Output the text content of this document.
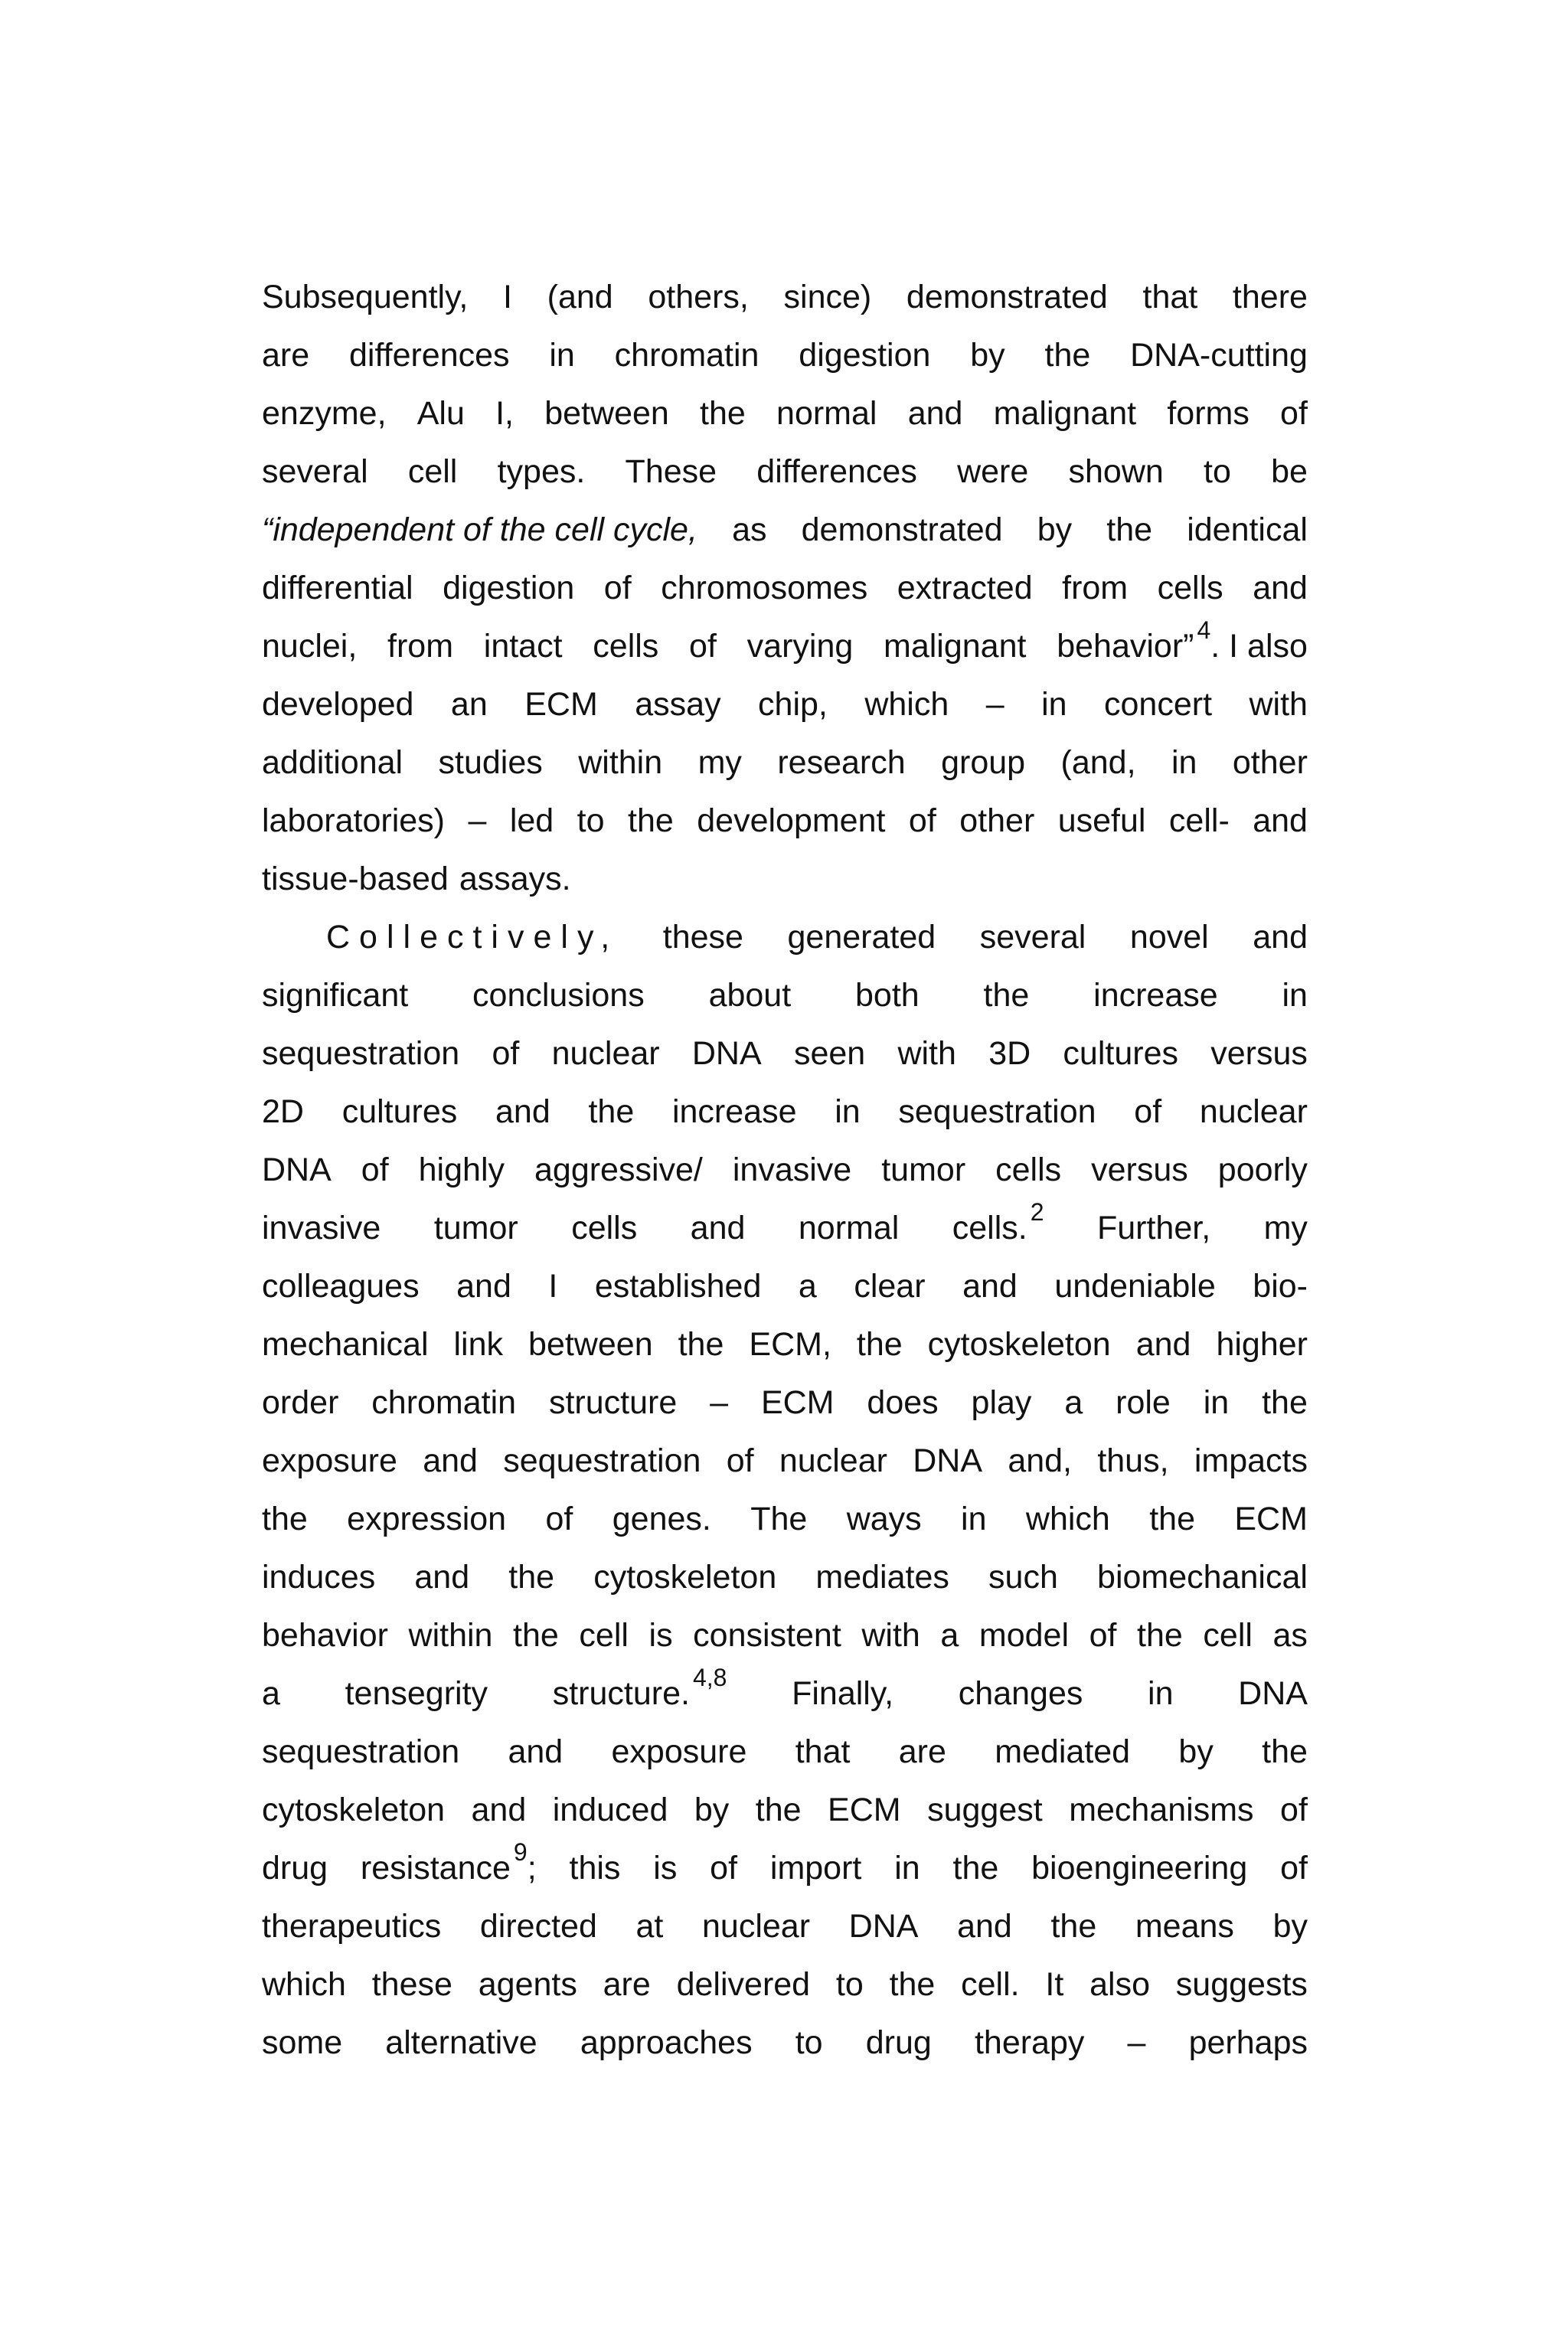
Subsequently, I (and others, since) demonstrated that there
are differences in chromatin digestion by the DNA-cutting
enzyme, Alu I, between the normal and malignant forms of
several cell types. These differences were shown to be
“independent of the cell cycle, as demonstrated by the identical
differential digestion of chromosomes extracted from cells and
nuclei, from intact cells of varying malignant behavior”$^4$ . I also
developed an ECM assay chip, which – in concert with
additional studies within my research group (and, in other
laboratories) – led to the development of other useful cell- and
tissue-based assays.
Collectively, these generated several novel and
significant conclusions about both the increase in
sequestration of nuclear DNA seen with 3D cultures versus
2D cultures and the increase in sequestration of nuclear
DNA of highly aggressive/ invasive tumor cells versus poorly
invasive tumor cells and normal cells.$^2$ Further, my
colleagues and I established a clear and undeniable bio-
mechanical link between the ECM, the cytoskeleton and higher
order chromatin structure – ECM does play a role in the
exposure and sequestration of nuclear DNA and, thus, impacts
the expression of genes. The ways in which the ECM
induces and the cytoskeleton mediates such biomechanical
behavior within the cell is consistent with a model of the cell as
a tensegrity structure.$^{4,8}$ Finally, changes in DNA
sequestration and exposure that are mediated by the
cytoskeleton and induced by the ECM suggest mechanisms of
drug resistance$^9$ ; this is of import in the bioengineering of
therapeutics directed at nuclear DNA and the means by
which these agents are delivered to the cell. It also suggests
some alternative approaches to drug therapy – perhaps
